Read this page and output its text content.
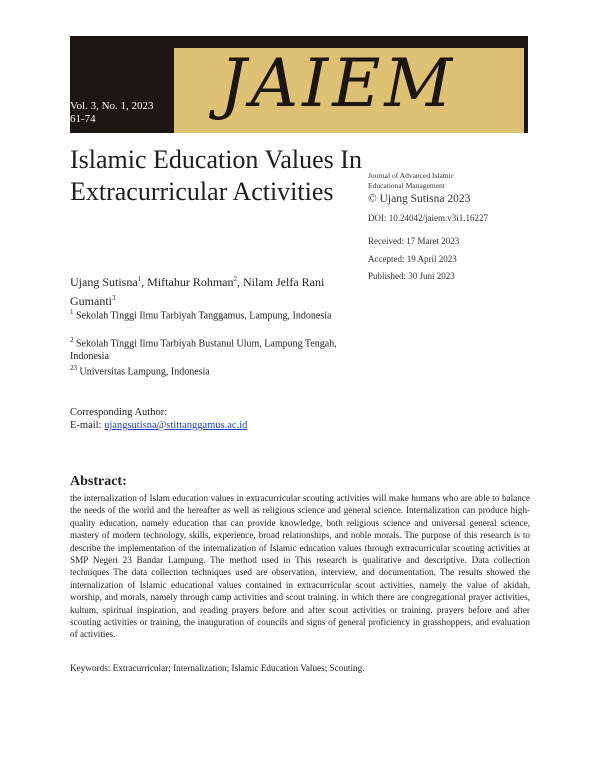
JAIEM
Vol. 3, No. 1, 2023
61-74
Islamic Education Values In Extracurricular Activities
Journal of Advanced Islamic Educational Management
© Ujang Sutisna 2023
DOI: 10.24042/jaiem.v3i1.16227
Received: 17 Maret 2023
Accepted: 19 April 2023
Published: 30 Juni 2023
Ujang Sutisna$^1$, Miftahur Rohman$^2$, Nilam Jelfa Rani Gumanti$^3$
$^1$ Sekolah Tinggi Ilmu Tarbiyah Tanggamus, Lampung, Indonesia
$^2$ Sekolah Tinggi Ilmu Tarbiyah Bustanul Ulum, Lampung Tengah, Indonesia
$^{23}$ Universitas Lampung, Indonesia
Corresponding Author:
E-mail: ujangsutisna@stittanggamus.ac.id
Abstract:
the internalization of Islam education values in extracurricular scouting activities will make humans who are able to balance the needs of the world and the hereafter as well as religious science and general science. Internalization can produce high-quality education, namely education that can provide knowledge, both religious science and universal general science, mastery of modern technology, skills, experience, broad relationships, and noble morals. The purpose of this research is to describe the implementation of the internalization of Islamic education values through extracurricular scouting activities at SMP Negeri 23 Bandar Lampung. The method used in This research is qualitative and descriptive. Data collection techniques The data collection techniques used are observation, interview, and documentation. The results showed the internalization of Islamic educational values contained in extracurricular scout activities, namely the value of akidah, worship, and morals, namely through camp activities and scout training. in which there are congregational prayer activities, kultum, spiritual inspiration, and reading prayers before and after scout activities or training. prayers before and after scouting activities or training, the inauguration of councils and signs of general proficiency in grasshoppers, and evaluation of activities.
Keywords: Extracurricular; Internalization; Islamic Education Values; Scouting.
